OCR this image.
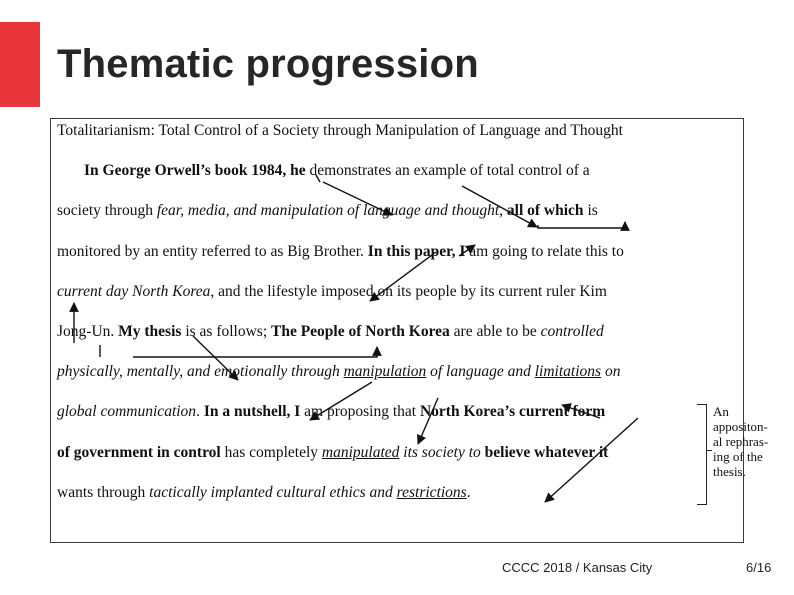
Thematic progression
Totalitarianism: Total Control of a Society through Manipulation of Language and Thought
In George Orwell’s book 1984, he demonstrates an example of total control of a
society through fear, media, and manipulation of language and thought, all of which is
monitored by an entity referred to as Big Brother. In this paper, I am going to relate this to
current day North Korea, and the lifestyle imposed on its people by its current ruler Kim
Jong-Un. My thesis is as follows; The People of North Korea are able to be controlled
physically, mentally, and emotionally through manipulation of language and limitations on
global communication. In a nutshell, I am proposing that North Korea’s current form
of government in control has completely manipulated its society to believe whatever it
wants through tactically implanted cultural ethics and restrictions.
An
appositon-
al rephras-
ing of the
thesis.
CCCC 2018 / Kansas City	6/16
